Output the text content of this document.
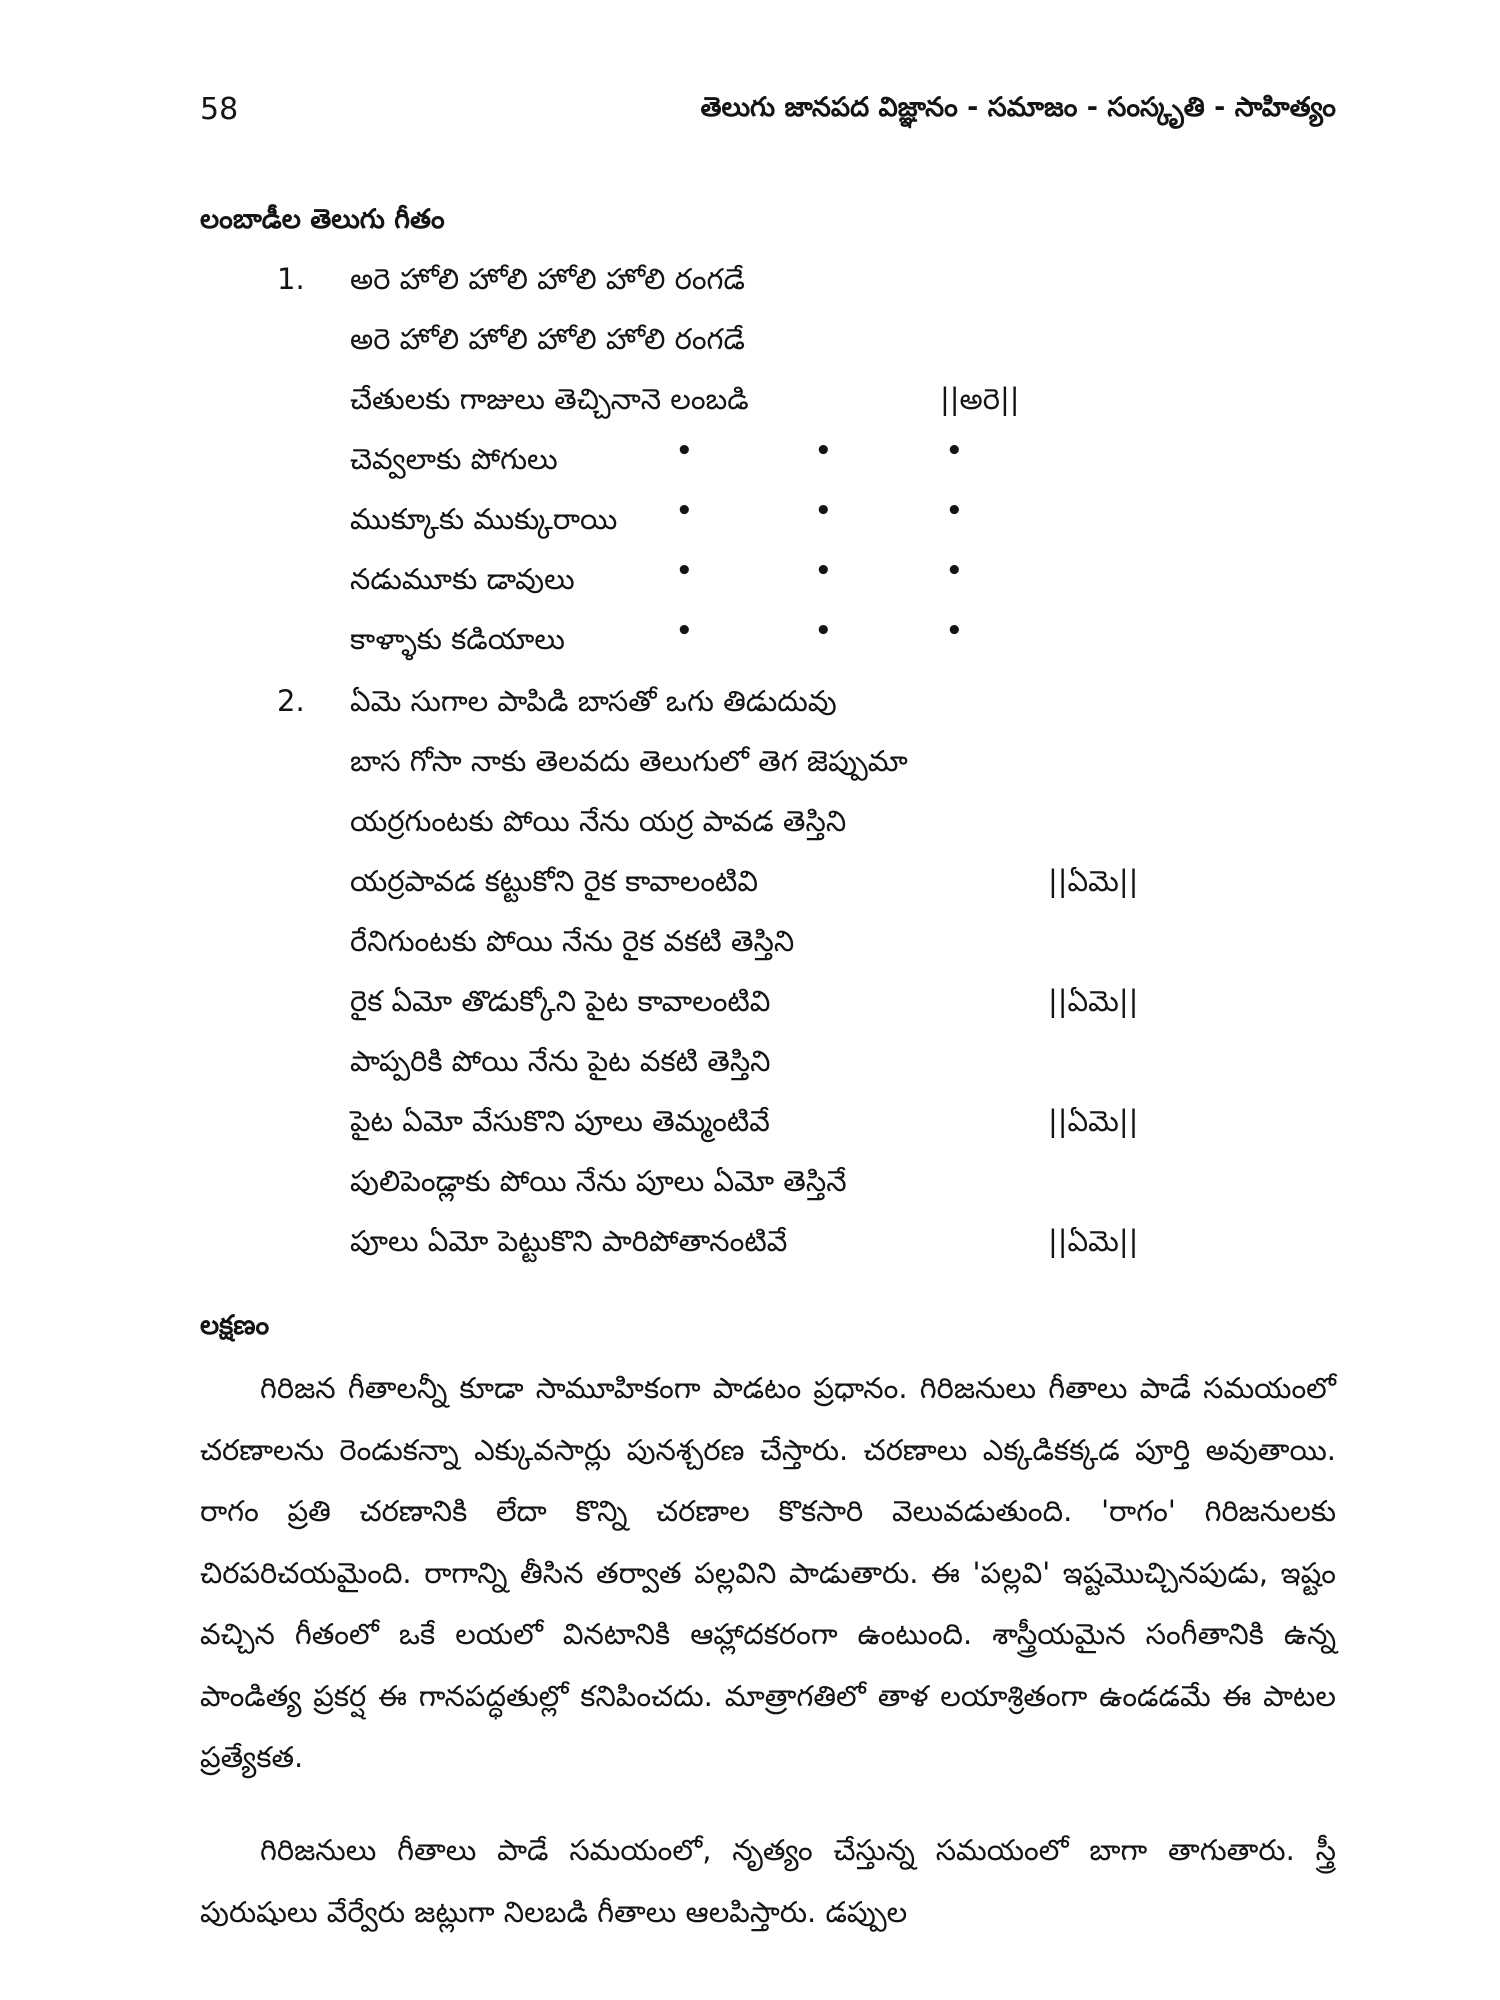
58	తెలుగు జానపద విజ్ఞానం - సమాజం - సంస్కృతి - సాహిత్యం
లంబాడీల తెలుగు గీతం
1. అరె హోలి హోలి హోలి హోలి రంగడే
అరె హోలి హోలి హోలి హోలి రంగడే
చేతులకు గాజులు తెచ్చినానె లంబడి	||అరె||
చెవ్వలాకు పోగులు	•	•	•
ముక్కూకు ముక్కురాయి •	•	•
నడుమూకు డావులు	•	•	•
కాళ్ళాకు కడియాలు	•	•	•
2. ఏమె సుగాల పాపిడి బాసతో ఒగు తిడుదువు
బాస గోసా నాకు తెలవదు తెలుగులో తెగ జెప్పుమా
యర్రగుంటకు పోయి నేను యర్ర పావడ తెస్తిని
యర్రపావడ కట్టుకోని రైక కావాలంటివి	||ఏమె||
రేనిగుంటకు పోయి నేను రైక వకటి తెస్తిని
రైక ఏమో తొడుక్కోని పైట కావాలంటివి	||ఏమె||
పాప్పరికి పోయి నేను పైట వకటి తెస్తిని
పైట ఏమో వేసుకొని పూలు తెమ్మంటివే	||ఏమె||
పులిపెండ్లాకు పోయి నేను పూలు ఏమో తెస్తినే
పూలు ఏమో పెట్టుకొని పారిపోతానంటివే	||ఏమె||
లక్షణం

గిరిజన గీతాలన్నీ కూడా సామూహికంగా పాడటం ప్రధానం. గిరిజనులు గీతాలు పాడే సమయంలో చరణాలను రెండుకన్నా ఎక్కువసార్లు పునశ్చరణ చేస్తారు. చరణాలు ఎక్కడికక్కడ పూర్తి అవుతాయి. రాగం ప్రతి చరణానికి లేదా కొన్ని చరణాల కొకసారి వెలువడుతుంది. 'రాగం' గిరిజనులకు చిరపరిచయమైంది. రాగాన్ని తీసిన తర్వాత పల్లవిని పాడుతారు. ఈ 'పల్లవి' ఇష్టమొచ్చినపుడు, ఇష్టం వచ్చిన గీతంలో ఒకే లయలో వినటానికి ఆహ్లాదకరంగా ఉంటుంది. శాస్త్రీయమైన సంగీతానికి ఉన్న పాండిత్య ప్రకర్ష ఈ గానపద్ధతుల్లో కనిపించదు. మాత్రాగతిలో తాళ లయాశ్రితంగా ఉండడమే ఈ పాటల ప్రత్యేకత.

గిరిజనులు గీతాలు పాడే సమయంలో, నృత్యం చేస్తున్న సమయంలో బాగా తాగుతారు. స్త్రీ పురుషులు వేర్వేరు జట్లుగా నిలబడి గీతాలు ఆలపిస్తారు. డప్పుల
